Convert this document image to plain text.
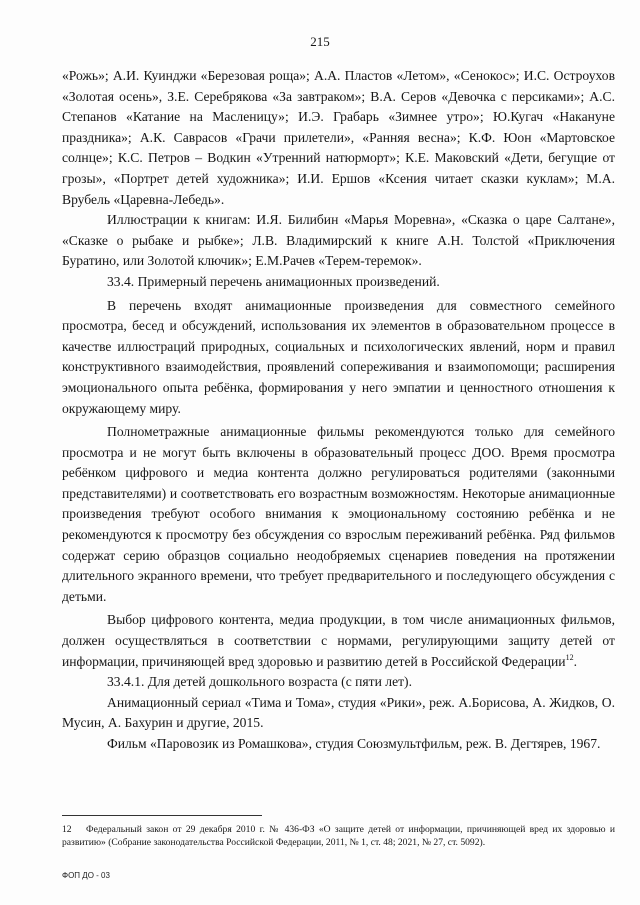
215

«Рожь»; А.И. Куинджи «Березовая роща»; А.А. Пластов «Летом», «Сенокос»; И.С. Остроухов «Золотая осень», З.Е. Серебрякова «За завтраком»; В.А. Серов «Девочка с персиками»; А.С. Степанов «Катание на Масленицу»; И.Э. Грабарь «Зимнее утро»; Ю.Кугач «Накануне праздника»; А.К. Саврасов «Грачи прилетели», «Ранняя весна»; К.Ф. Юон «Мартовское солнце»; К.С. Петров – Водкин «Утренний натюрморт»; К.Е. Маковский «Дети, бегущие от грозы», «Портрет детей художника»; И.И. Ершов «Ксения читает сказки куклам»; М.А. Врубель «Царевна-Лебедь».

Иллюстрации к книгам: И.Я. Билибин «Марья Моревна», «Сказка о царе Салтане», «Сказке о рыбаке и рыбке»; Л.В. Владимирский к книге А.Н. Толстой «Приключения Буратино, или Золотой ключик»; Е.М.Рачев «Терем-теремок».

33.4. Примерный перечень анимационных произведений.

В перечень входят анимационные произведения для совместного семейного просмотра, бесед и обсуждений, использования их элементов в образовательном процессе в качестве иллюстраций природных, социальных и психологических явлений, норм и правил конструктивного взаимодействия, проявлений сопереживания и взаимопомощи; расширения эмоционального опыта ребёнка, формирования у него эмпатии и ценностного отношения к окружающему миру.

Полнометражные анимационные фильмы рекомендуются только для семейного просмотра и не могут быть включены в образовательный процесс ДОО. Время просмотра ребёнком цифрового и медиа контента должно регулироваться родителями (законными представителями) и соответствовать его возрастным возможностям. Некоторые анимационные произведения требуют особого внимания к эмоциональному состоянию ребёнка и не рекомендуются к просмотру без обсуждения со взрослым переживаний ребёнка. Ряд фильмов содержат серию образцов социально неодобряемых сценариев поведения на протяжении длительного экранного времени, что требует предварительного и последующего обсуждения с детьми.

Выбор цифрового контента, медиа продукции, в том числе анимационных фильмов, должен осуществляться в соответствии с нормами, регулирующими защиту детей от информации, причиняющей вред здоровью и развитию детей в Российской Федерации$^{12}$.

33.4.1. Для детей дошкольного возраста (с пяти лет).

Анимационный сериал «Тима и Тома», студия «Рики», реж. А.Борисова, А. Жидков, О. Мусин, А. Бахурин и другие, 2015.

Фильм «Паровозик из Ромашкова», студия Союзмультфильм, реж. В. Дегтярев, 1967.

12 Федеральный закон от 29 декабря 2010 г. № 436-ФЗ «О защите детей от информации, причиняющей вред их здоровью и развитию» (Собрание законодательства Российской Федерации, 2011, № 1, ст. 48; 2021, № 27, ст. 5092).
ФОП ДО - 03
